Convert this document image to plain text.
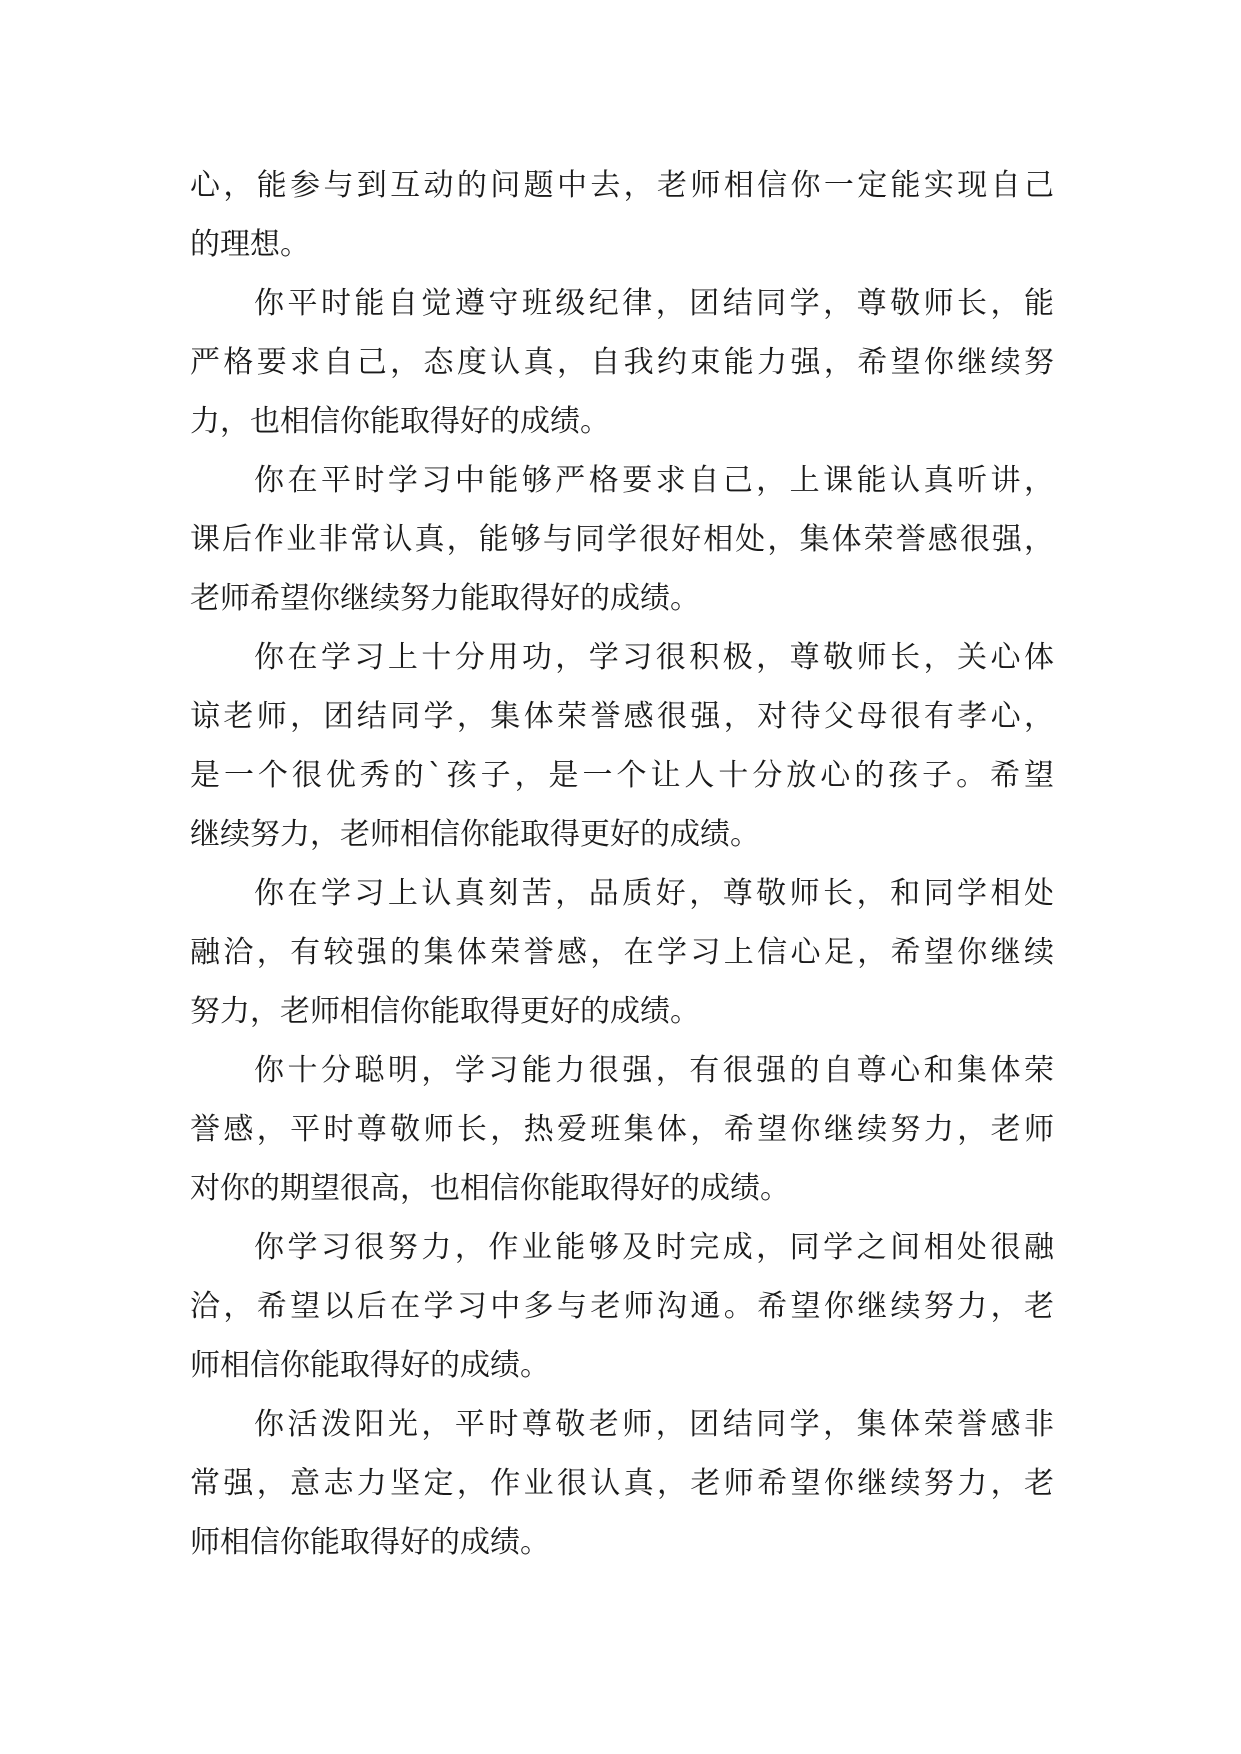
心，能参与到互动的问题中去，老师相信你一定能实现自己
的理想。
你平时能自觉遵守班级纪律，团结同学，尊敬师长，能
严格要求自己，态度认真，自我约束能力强，希望你继续努
力，也相信你能取得好的成绩。
你在平时学习中能够严格要求自己，上课能认真听讲，
课后作业非常认真，能够与同学很好相处，集体荣誉感很强，
老师希望你继续努力能取得好的成绩。
你在学习上十分用功，学习很积极，尊敬师长，关心体
谅老师，团结同学，集体荣誉感很强，对待父母很有孝心，
是一个很优秀的`孩子，是一个让人十分放心的孩子。希望
继续努力，老师相信你能取得更好的成绩。
你在学习上认真刻苦，品质好，尊敬师长，和同学相处
融洽，有较强的集体荣誉感，在学习上信心足，希望你继续
努力，老师相信你能取得更好的成绩。
你十分聪明，学习能力很强，有很强的自尊心和集体荣
誉感，平时尊敬师长，热爱班集体，希望你继续努力，老师
对你的期望很高，也相信你能取得好的成绩。
你学习很努力，作业能够及时完成，同学之间相处很融
洽，希望以后在学习中多与老师沟通。希望你继续努力，老
师相信你能取得好的成绩。
你活泼阳光，平时尊敬老师，团结同学，集体荣誉感非
常强，意志力坚定，作业很认真，老师希望你继续努力，老
师相信你能取得好的成绩。
